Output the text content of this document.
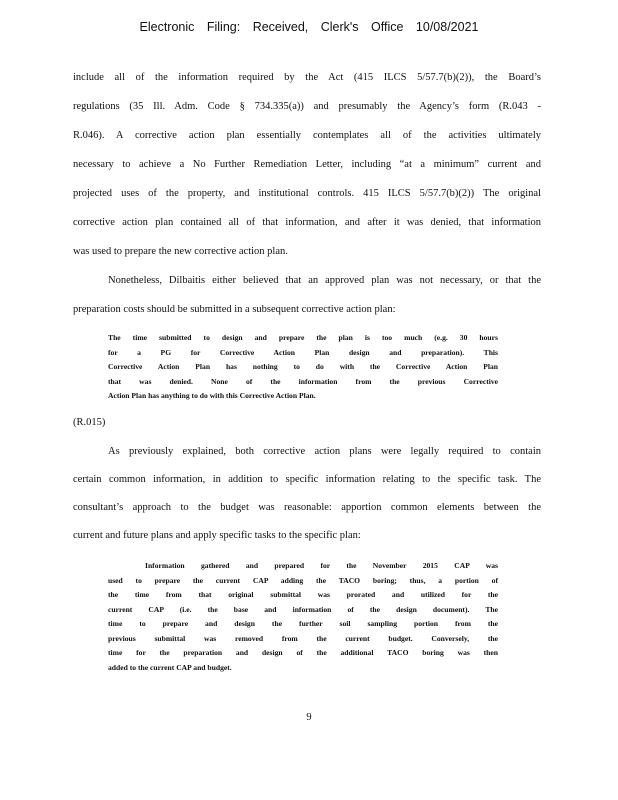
Electronic Filing: Received, Clerk's Office 10/08/2021
include all of the information required by the Act (415 ILCS 5/57.7(b)(2)), the Board’s
regulations (35 Ill. Adm. Code § 734.335(a)) and presumably the Agency’s form (R.043 -
R.046). A corrective action plan essentially contemplates all of the activities ultimately
necessary to achieve a No Further Remediation Letter, including “at a minimum” current and
projected uses of the property, and institutional controls. 415 ILCS 5/57.7(b)(2)) The original
corrective action plan contained all of that information, and after it was denied, that information
was used to prepare the new corrective action plan.
Nonetheless, Dilbaitis either believed that an approved plan was not necessary, or that the
preparation costs should be submitted in a subsequent corrective action plan:
The time submitted to design and prepare the plan is too much (e.g. 30 hours
for a PG for Corrective Action Plan design and preparation). This
Corrective Action Plan has nothing to do with the Corrective Action Plan
that was denied. None of the information from the previous Corrective
Action Plan has anything to do with this Corrective Action Plan.
(R.015)
As previously explained, both corrective action plans were legally required to contain
certain common information, in addition to specific information relating to the specific task. The
consultant’s approach to the budget was reasonable: apportion common elements between the
current and future plans and apply specific tasks to the specific plan:
Information gathered and prepared for the November 2015 CAP was
used to prepare the current CAP adding the TACO boring; thus, a portion of
the time from that original submittal was prorated and utilized for the
current CAP (i.e. the base and information of the design document). The
time to prepare and design the further soil sampling portion from the
previous submittal was removed from the current budget. Conversely, the
time for the preparation and design of the additional TACO boring was then
added to the current CAP and budget.
9
